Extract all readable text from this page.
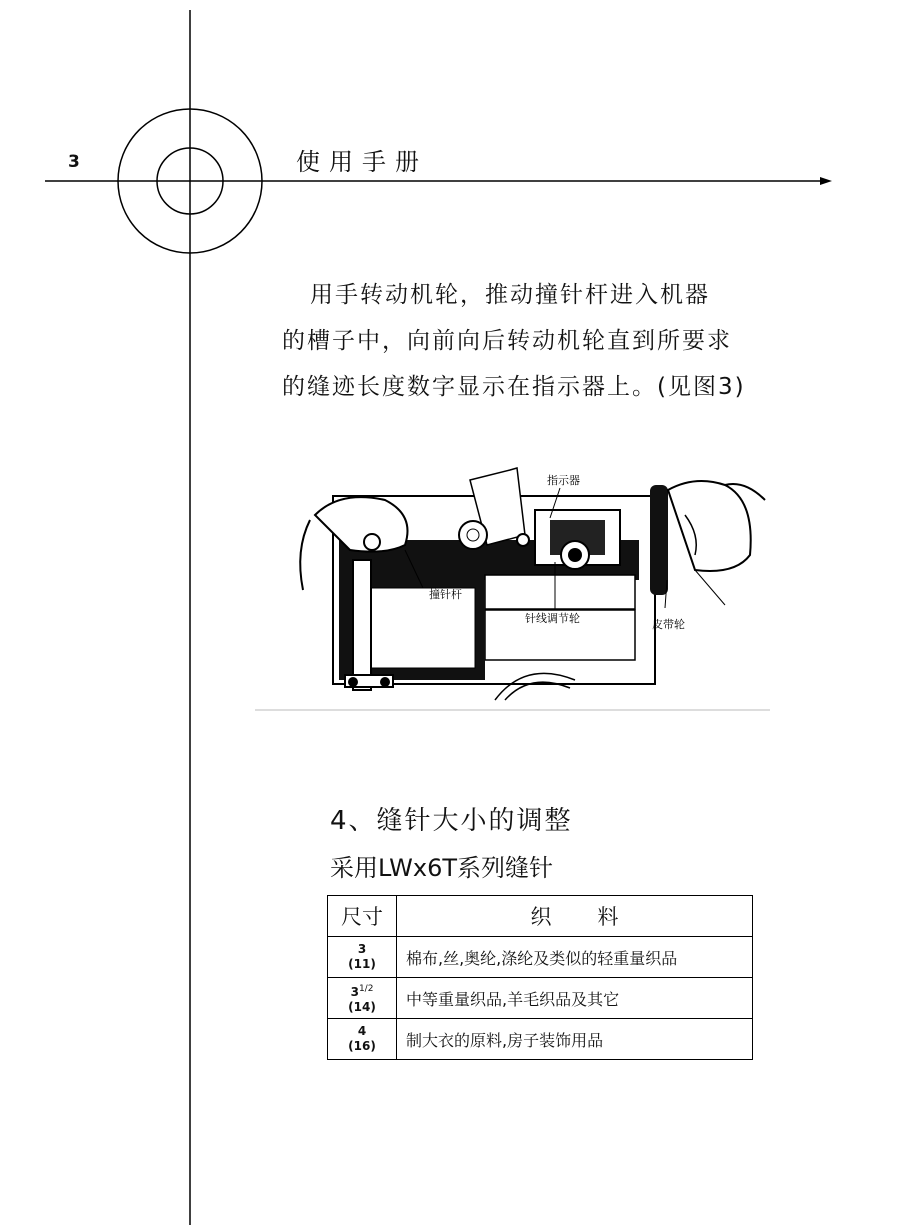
3	使用手册
用手转动机轮，推动撞针杆进入机器
的槽子中，向前向后转动机轮直到所要求
的缝迹长度数字显示在指示器上。(见图3)
指示器
撞针杆
针线调节轮	皮带轮
4、缝针大小的调整
采用LWx6T系列缝针
尺寸	织料
3
(11)	棉布,丝,奥纶,涤纶及类似的轻重量织品
$3^{1/2}$
(14)	中等重量织品,羊毛织品及其它
4
(16)	制大衣的原料,房子装饰用品
